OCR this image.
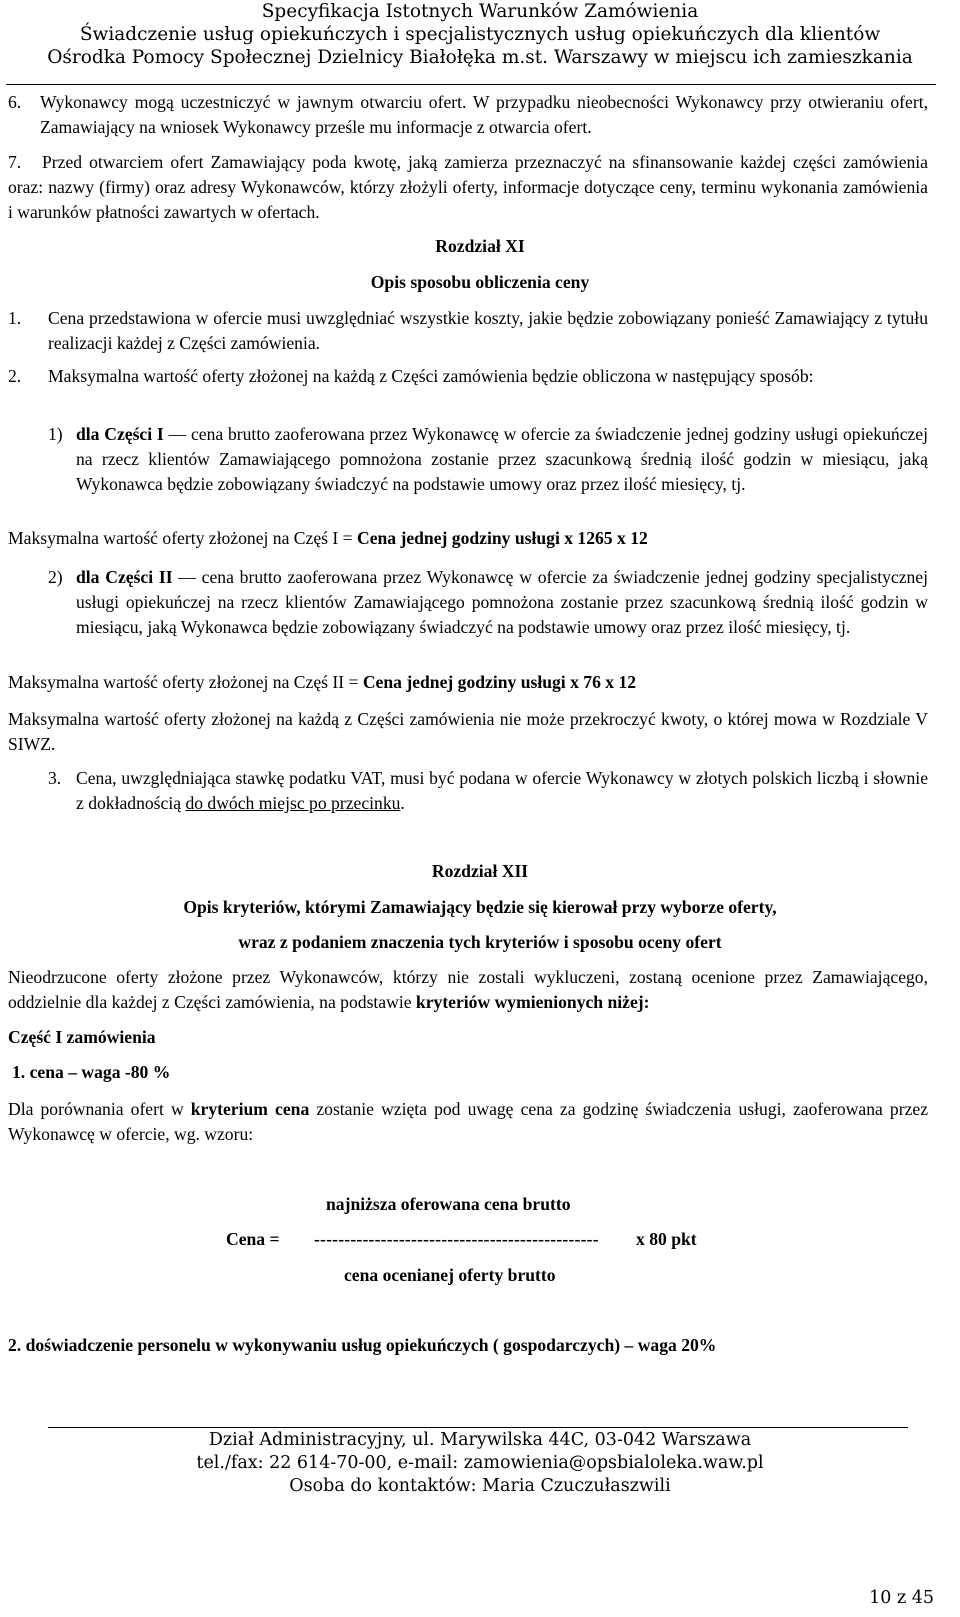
Specyfikacja Istotnych Warunków Zamówienia
Świadczenie usług opiekuńczych i specjalistycznych usług opiekuńczych dla klientów
Ośrodka Pomocy Społecznej Dzielnicy Białołęka m.st. Warszawy w miejscu ich zamieszkania
6. Wykonawcy mogą uczestniczyć w jawnym otwarciu ofert. W przypadku nieobecności Wykonawcy przy otwieraniu ofert, Zamawiający na wniosek Wykonawcy prześle mu informacje z otwarcia ofert.
7.	Przed otwarciem ofert Zamawiający poda kwotę, jaką zamierza przeznaczyć na sfinansowanie każdej części zamówienia oraz: nazwy (firmy) oraz adresy Wykonawców, którzy złożyli oferty, informacje dotyczące ceny, terminu wykonania zamówienia i warunków płatności zawartych w ofertach.
Rozdział XI
Opis sposobu obliczenia ceny
1. Cena przedstawiona w ofercie musi uwzględniać wszystkie koszty, jakie będzie zobowiązany ponieść Zamawiający z tytułu realizacji każdej z Części zamówienia.
2. Maksymalna wartość oferty złożonej na każdą z Części zamówienia będzie obliczona w następujący sposób:
1) dla Części I — cena brutto zaoferowana przez Wykonawcę w ofercie za świadczenie jednej godziny usługi opiekuńczej na rzecz klientów Zamawiającego pomnożona zostanie przez szacunkową średnią ilość godzin w miesiącu, jaką Wykonawca będzie zobowiązany świadczyć na podstawie umowy oraz przez ilość miesięcy, tj.
Maksymalna wartość oferty złożonej na Częś I = Cena jednej godziny usługi x 1265 x 12
2) dla Części II — cena brutto zaoferowana przez Wykonawcę w ofercie za świadczenie jednej godziny specjalistycznej usługi opiekuńczej na rzecz klientów Zamawiającego pomnożona zostanie przez szacunkową średnią ilość godzin w miesiącu, jaką Wykonawca będzie zobowiązany świadczyć na podstawie umowy oraz przez ilość miesięcy, tj.
Maksymalna wartość oferty złożonej na Częś II = Cena jednej godziny usługi x 76 x 12
Maksymalna wartość oferty złożonej na każdą z Części zamówienia nie może przekroczyć kwoty, o której mowa w Rozdziale V SIWZ.
3. Cena, uwzględniająca stawkę podatku VAT, musi być podana w ofercie Wykonawcy w złotych polskich liczbą i słownie z dokładnością do dwóch miejsc po przecinku.
Rozdział XII
Opis kryteriów, którymi Zamawiający będzie się kierował przy wyborze oferty,
wraz z podaniem znaczenia tych kryteriów i sposobu oceny ofert
Nieodrzucone oferty złożone przez Wykonawców, którzy nie zostali wykluczeni, zostaną ocenione przez Zamawiającego, oddzielnie dla każdej z Części zamówienia, na podstawie kryteriów wymienionych niżej:
Część I zamówienia
1. cena – waga -80 %
Dla porównania ofert w kryterium cena zostanie wzięta pod uwagę cena za godzinę świadczenia usługi, zaoferowana przez Wykonawcę w ofercie, wg. wzoru:
najniższa oferowana cena brutto
Cena = ----------------------------------------------- x 80 pkt
cena ocenianej oferty brutto
2. doświadczenie personelu w wykonywaniu usług opiekuńczych ( gospodarczych) – waga 20%
Dział Administracyjny, ul. Marywilska 44C, 03-042 Warszawa
tel./fax: 22 614-70-00, e-mail: zamowienia@opsbialoleka.waw.pl
Osoba do kontaktów: Maria Czuczułaszwili
10 z 45
